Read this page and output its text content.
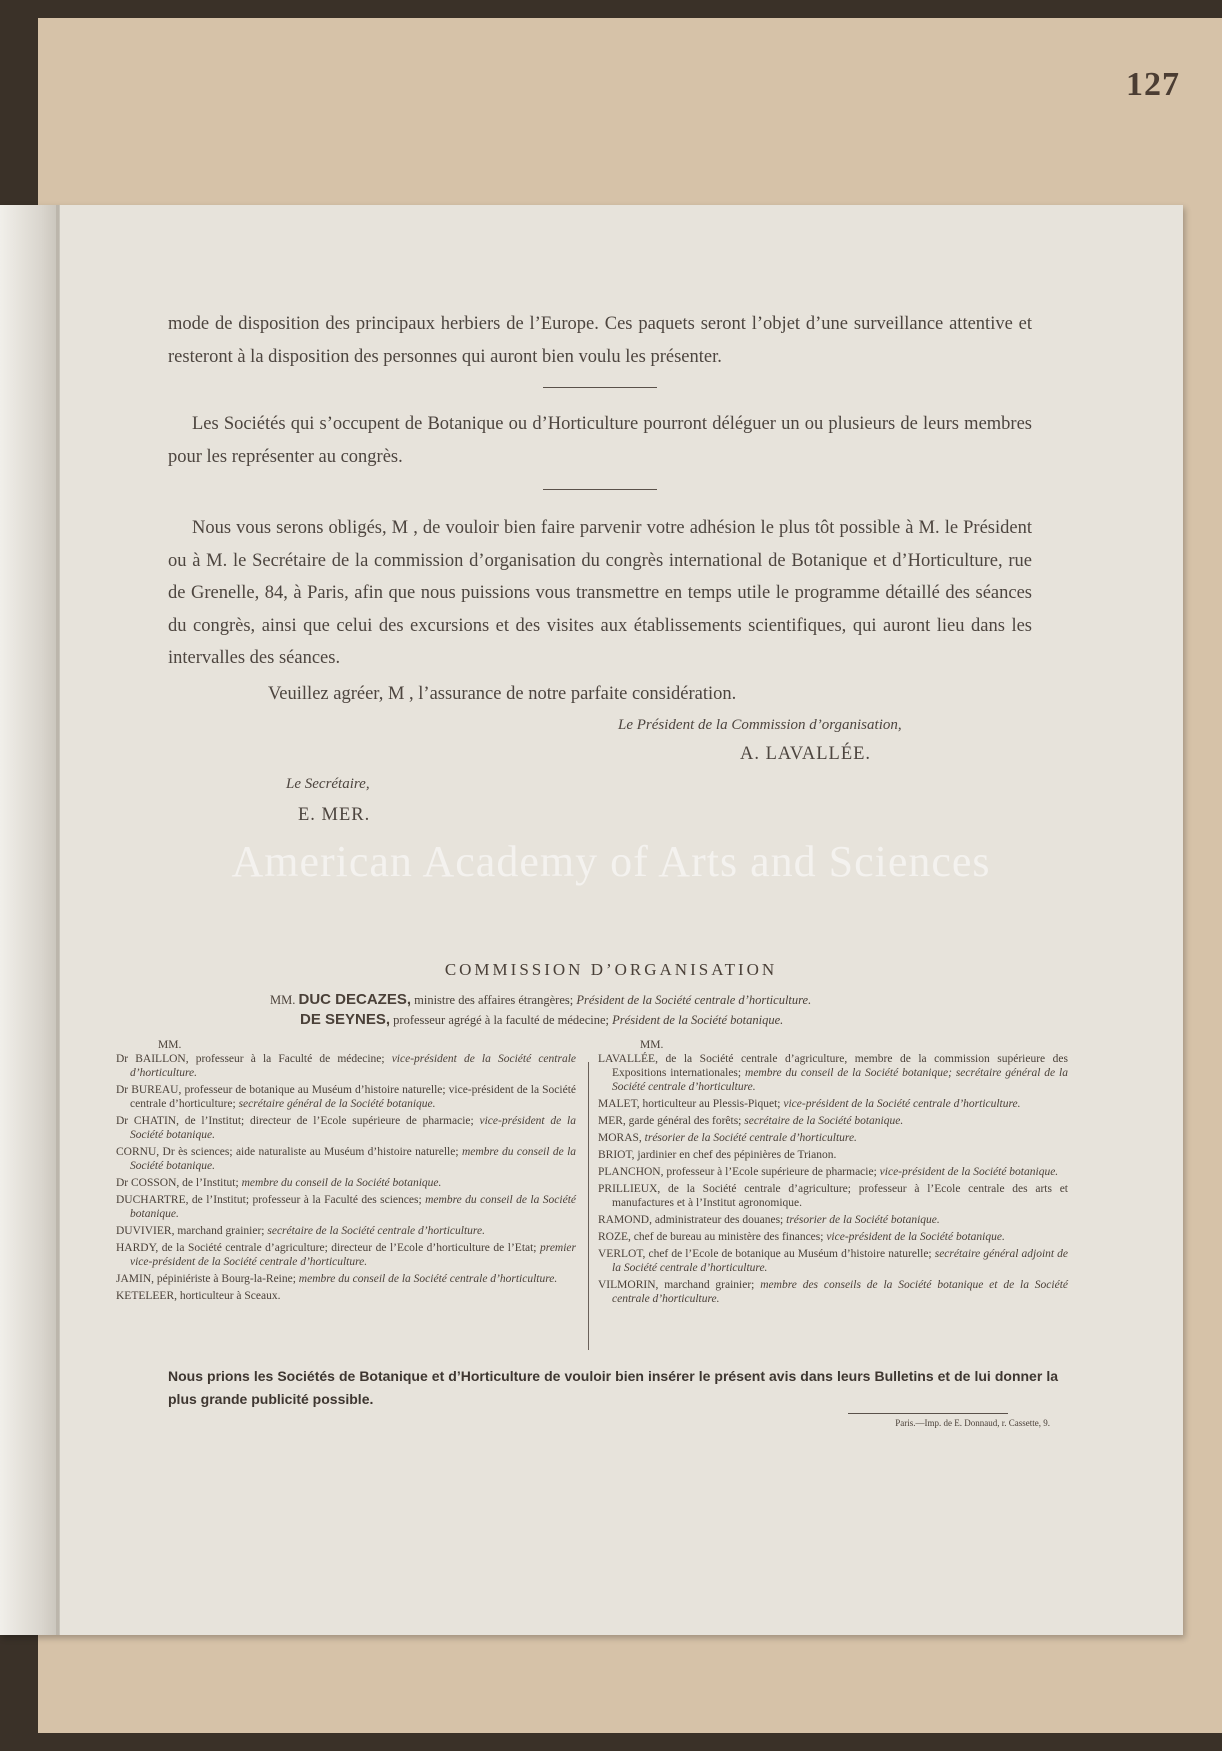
127

mode de disposition des principaux herbiers de l’Europe. Ces paquets seront l’objet d’une surveillance attentive et resteront à la disposition des personnes qui auront bien voulu les présenter.

Les Sociétés qui s’occupent de Botanique ou d’Horticulture pourront déléguer un ou plusieurs de leurs membres pour les représenter au congrès.

Nous vous serons obligés, M , de vouloir bien faire parvenir votre adhésion le plus tôt possible à M. le Président ou à M. le Secrétaire de la commission d’organisation du congrès international de Botanique et d’Horticulture, rue de Grenelle, 84, à Paris, afin que nous puissions vous transmettre en temps utile le programme détaillé des séances du congrès, ainsi que celui des excursions et des visites aux établissements scientifiques, qui auront lieu dans les intervalles des séances.

Veuillez agréer, M , l’assurance de notre parfaite considération.
Le Président de la Commission d’organisation,
A. LAVALLÉE.
Le Secrétaire,
E. MER.
American Academy of Arts and Sciences
COMMISSION D’ORGANISATION
MM. DUC DECAZES, ministre des affaires étrangères; Président de la Société centrale d’horticulture.
DE SEYNES, professeur agrégé à la faculté de médecine; Président de la Société botanique.
MM.
Dr BAILLON, professeur à la Faculté de médecine; vice-président de la Société centrale d’horticulture.
Dr BUREAU, professeur de botanique au Muséum d’histoire naturelle; vice-président de la Société centrale d’horticulture; secrétaire général de la Société botanique.
Dr CHATIN, de l’Institut; directeur de l’Ecole supérieure de pharmacie; vice-président de la Société botanique.
CORNU, Dr ès sciences; aide naturaliste au Muséum d’histoire naturelle; membre du conseil de la Société botanique.
Dr COSSON, de l’Institut; membre du conseil de la Société botanique.
DUCHARTRE, de l’Institut; professeur à la Faculté des sciences; membre du conseil de la Société botanique.
DUVIVIER, marchand grainier; secrétaire de la Société centrale d’horticulture.
HARDY, de la Société centrale d’agriculture; directeur de l’Ecole d’horticulture de l’Etat; premier vice-président de la Société centrale d’horticulture.
JAMIN, pépiniériste à Bourg-la-Reine; membre du conseil de la Société centrale d’horticulture.
KETELEER, horticulteur à Sceaux.
MM.
LAVALLÉE, de la Société centrale d’agriculture, membre de la commission supérieure des Expositions internationales; membre du conseil de la Société botanique; secrétaire général de la Société centrale d’horticulture.
MALET, horticulteur au Plessis-Piquet; vice-président de la Société centrale d’horticulture.
MER, garde général des forêts; secrétaire de la Société botanique.
MORAS, trésorier de la Société centrale d’horticulture.
BRIOT, jardinier en chef des pépinières de Trianon.
PLANCHON, professeur à l’Ecole supérieure de pharmacie; vice-président de la Société botanique.
PRILLIEUX, de la Société centrale d’agriculture; professeur à l’Ecole centrale des arts et manufactures et à l’Institut agronomique.
RAMOND, administrateur des douanes; trésorier de la Société botanique.
ROZE, chef de bureau au ministère des finances; vice-président de la Société botanique.
VERLOT, chef de l’Ecole de botanique au Muséum d’histoire naturelle; secrétaire général adjoint de la Société centrale d’horticulture.
VILMORIN, marchand grainier; membre des conseils de la Société botanique et de la Société centrale d’horticulture.
Nous prions les Sociétés de Botanique et d’Horticulture de vouloir bien insérer le présent avis dans leurs Bulletins et de lui donner la plus grande publicité possible.
Paris.—Imp. de E. Donnaud, r. Cassette, 9.
